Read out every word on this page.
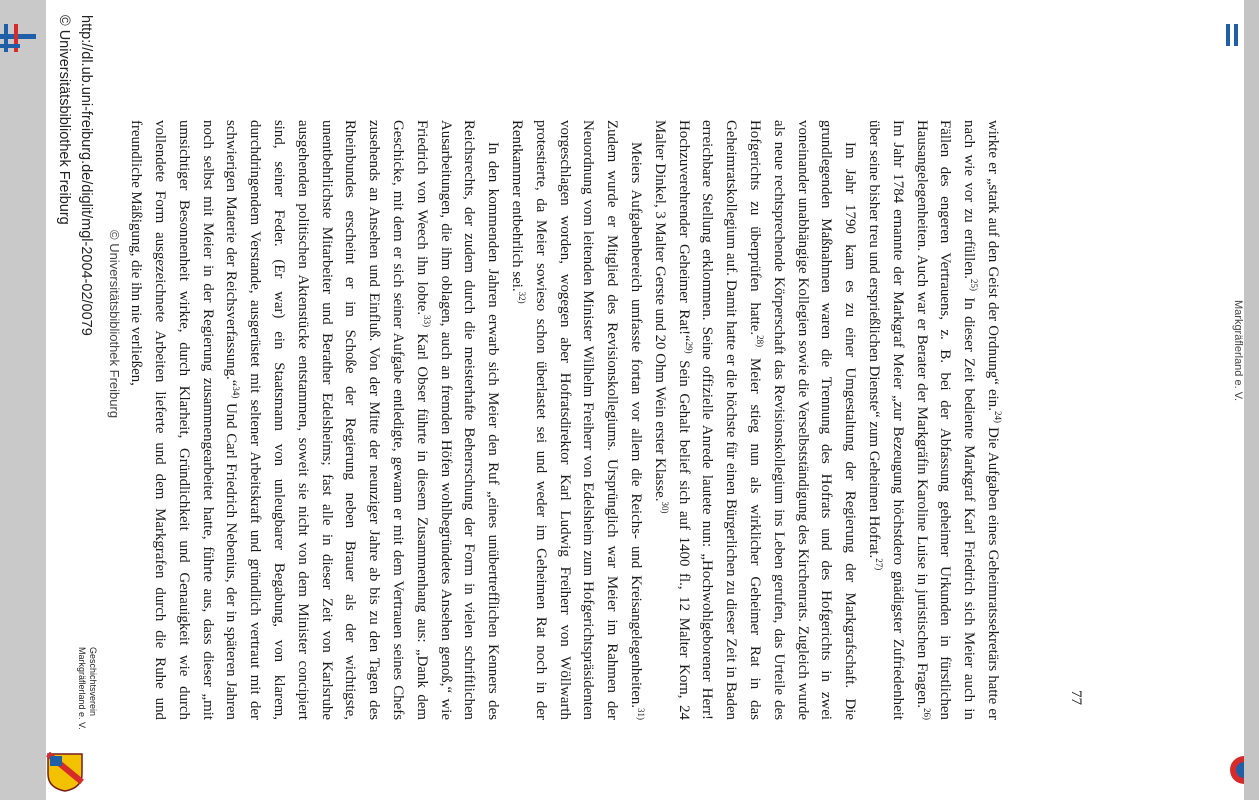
© Universitätsbibliothek Freiburg
77

wirkte er „stark auf den Geist der Ordnung“ ein.$^{24)}$ Die Aufgaben eines Geheimratssekretärs hatte er nach wie vor zu erfüllen.$^{25)}$ In dieser Zeit bediente Markgraf Karl Friedrich sich Meier auch in Fällen des engeren Vertrauens, z. B. bei der Abfassung geheimer Urkunden in fürstlichen Hausangelegenheiten. Auch war er Berater der Markgräfin Karoline Luise in juristischen Fragen.$^{26)}$ Im Jahr 1784 ernannte der Markgraf Meier „zur Bezeugung höchstdero gnädigster Zufriedenheit über seine bisher treu und ersprießlichen Dienste“ zum Geheimen Hofrat.$^{27)}$

Im Jahr 1790 kam es zu einer Umgestaltung der Regierung der Markgrafschaft. Die grundlegenden Maßnahmen waren die Trennung des Hofrats und des Hofgerichts in zwei voneinander unabhängige Kollegien sowie die Verselbstständigung des Kirchenrats. Zugleich wurde als neue rechtsprechende Körperschaft das Revisionskollegium ins Leben gerufen, das Urteile des Hofgerichts zu überprüfen hatte.$^{28)}$ Meier stieg nun als wirklicher Geheimer Rat in das Geheimratskollegium auf. Damit hatte er die höchste für einen Bürgerlichen zu dieser Zeit in Baden erreichbare Stellung erklommen. Seine offizielle Anrede lautete nun: „Hochwohlgeborener Herr! Hochzuverehrender Geheimer Rat!“$^{29)}$ Sein Gehalt belief sich auf 1400 fl., 12 Malter Korn, 24 Malter Dinkel, 3 Malter Gerste und 20 Ohm Wein erster Klasse.$^{30)}$

Meiers Aufgabenbereich umfasste fortan vor allem die Reichs- und Kreisangelegenheiten.$^{31)}$ Zudem wurde er Mitglied des Revisionskollegiums. Ursprünglich war Meier im Rahmen der Neuordnung vom leitenden Minister Wilhelm Freiherr von Edelsheim zum Hofgerichtspräsidenten vorgeschlagen worden, wogegen aber Hofratsdirektor Karl Ludwig Freiherr von Wöllwarth protestierte, da Meier sowieso schon überlastet sei und weder im Geheimen Rat noch in der Rentkammer entbehrlich sei.$^{32)}$

In den kommenden Jahren erwarb sich Meier den Ruf „eines unübertrefflichen Kenners des Reichsrechts, der zudem durch die meisterhafte Beherrschung der Form in vielen schriftlichen Ausarbeitungen, die ihm oblagen, auch an fremden Höfen wohlbegründetes Ansehen genoß,“ wie Friedrich von Weech ihn lobte.$^{33)}$ Karl Obser führte in diesem Zusammenhang aus: „Dank dem Geschicke, mit dem er sich seiner Aufgabe entledigte, gewann er mit dem Vertrauen seines Chefs zusehends an Ansehen und Einfluß. Von der Mitte der neunziger Jahre ab bis zu den Tagen des Rheinbundes erscheint er im Schoße der Regierung neben Brauer als der wichtigste, unentbehrlichste Mitarbeiter und Berather Edelsheims; fast alle in dieser Zeit von Karlsruhe ausgehenden politischen Aktenstücke entstammen, soweit sie nicht von dem Minister concipiert sind, seiner Feder. (Er war) ein Staatsmann von unleugbarer Begabung, von klarem, durchdringendem Verstande, ausgerüstet mit seltener Arbeitskraft und gründlich vertraut mit der schwierigen Materie der Reichsverfassung.“$^{34)}$ Und Carl Friedrich Nebenius, der in späteren Jahren noch selbst mit Meier in der Regierung zusammengearbeitet hatte, führte aus, dass dieser „mit umsichtiger Besonnenheit wirkte, durch Klarheit, Gründlichkeit und Genauigkeit wie durch vollendete Form ausgezeichnete Arbeiten lieferte und dem Markgrafen durch die Ruhe und freundliche Mäßigung, die ihn nie verließen,

http://dl.ub.uni-freiburg.de/diglit/mgl-2004-02/0079
© Universitätsbibliothek Freiburg
Geschichtsverein
Markgräflerland e. V.
Markgräflerland e. V.
